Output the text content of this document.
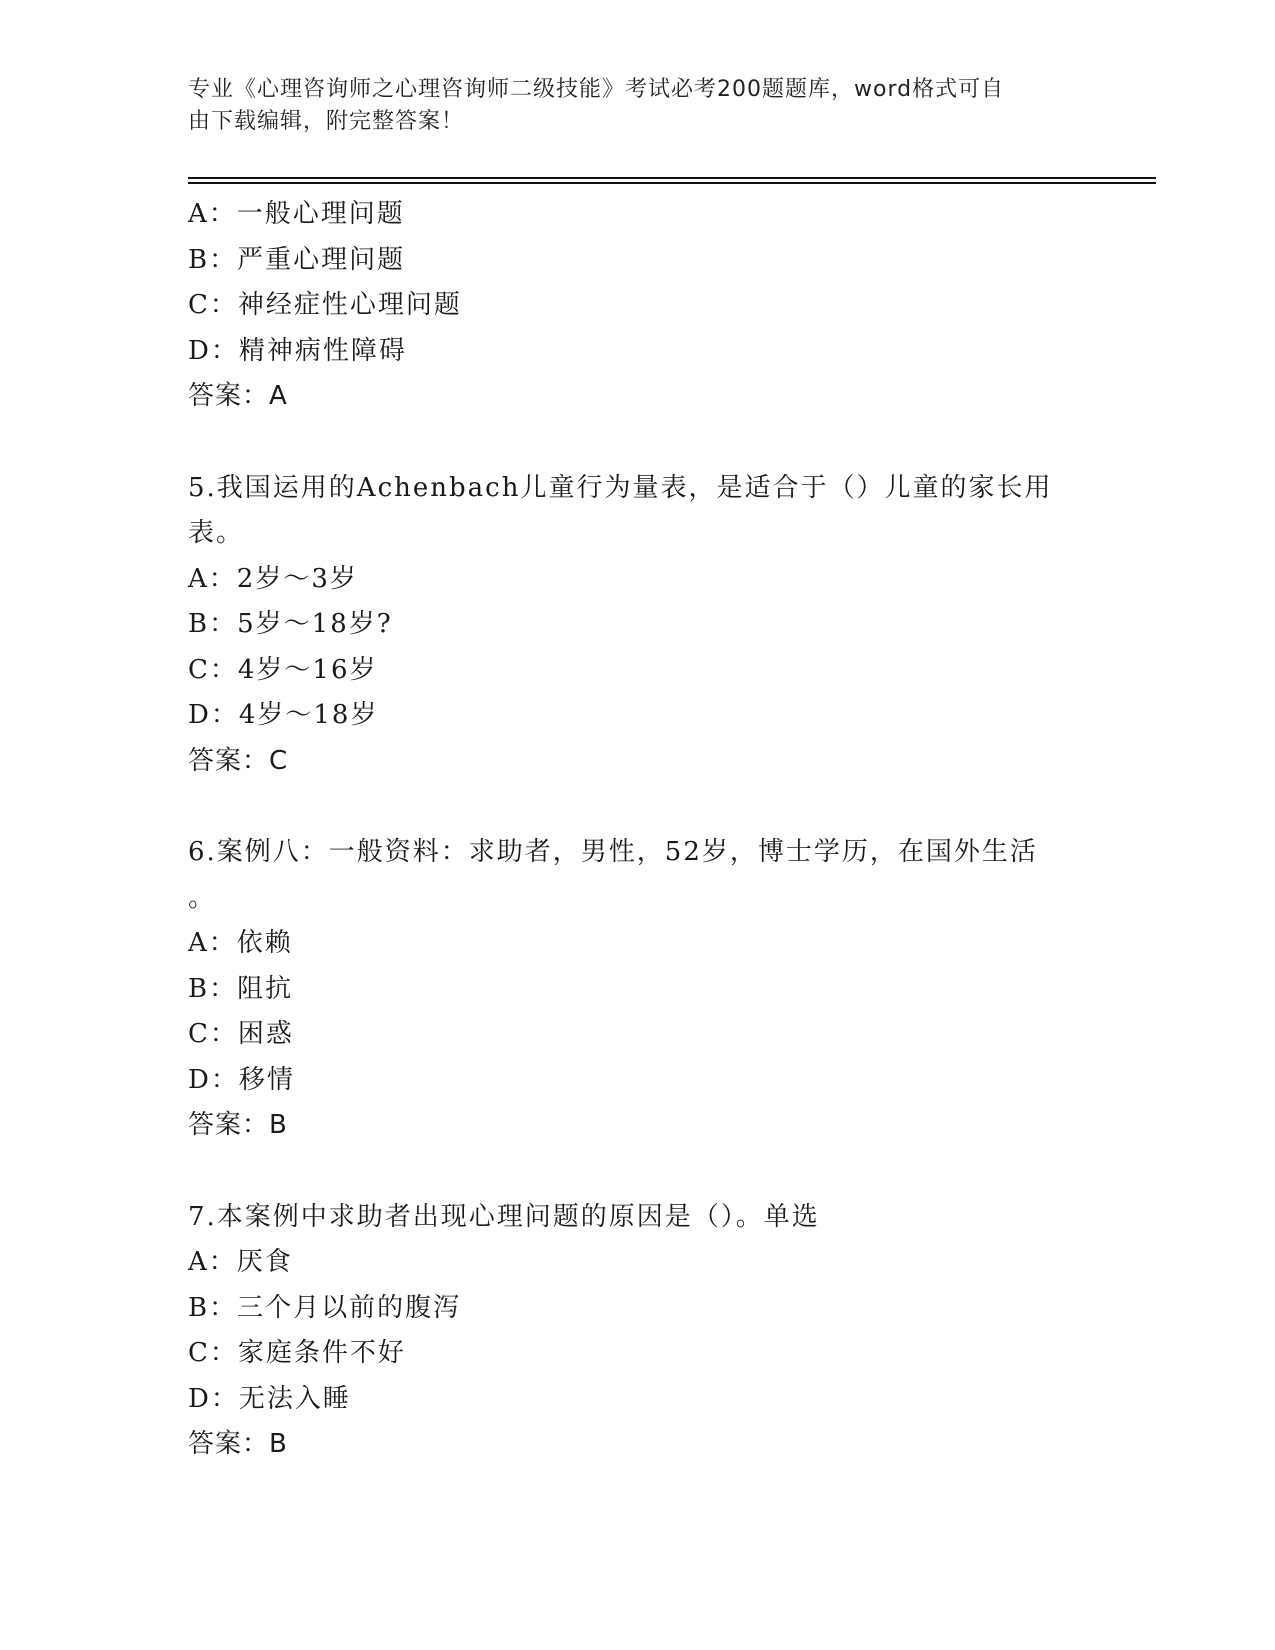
专业《心理咨询师之心理咨询师二级技能》考试必考200题题库，word格式可自
由下载编辑，附完整答案！
A：一般心理问题
B：严重心理问题
C：神经症性心理问题
D：精神病性障碍
答案：A
5.我国运用的Achenbach儿童行为量表，是适合于（）儿童的家长用
表。
A：2岁～3岁
B：5岁～18岁?
C：4岁～16岁
D：4岁～18岁
答案：C
6.案例八：一般资料：求助者，男性，52岁，博士学历，在国外生活
。
A：依赖
B：阻抗
C：困惑
D：移情
答案：B
7.本案例中求助者出现心理问题的原因是（）。单选
A：厌食
B：三个月以前的腹泻
C：家庭条件不好
D：无法入睡
答案：B
